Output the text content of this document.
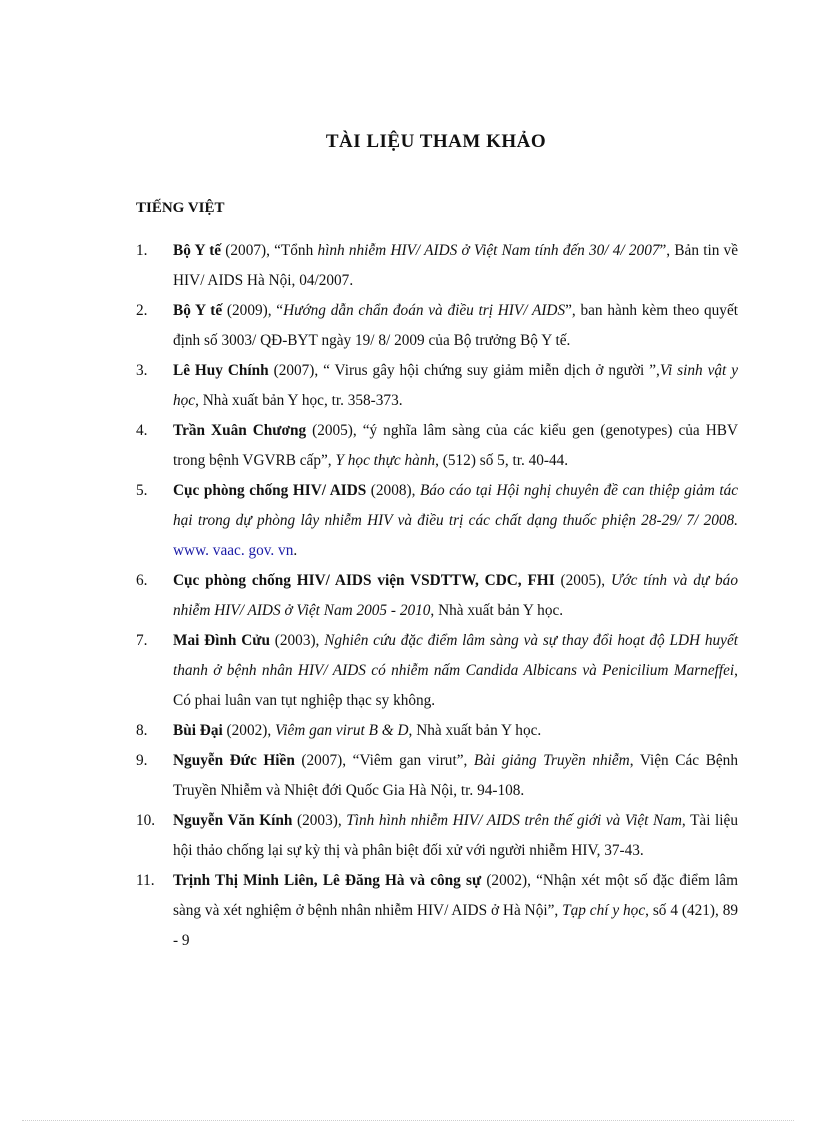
TÀI LIỆU THAM KHẢO
TIẾNG VIỆT
1. Bộ Y tế (2007), “Tổnh hình nhiễm HIV/ AIDS ở Việt Nam tính đến 30/ 4/ 2007”, Bản tin về HIV/ AIDS Hà Nội, 04/2007.
2. Bộ Y tế (2009), “Hướng dẫn chẩn đoán và điều trị HIV/ AIDS”, ban hành kèm theo quyết định số 3003/ QĐ-BYT ngày 19/ 8/ 2009 của Bộ trưởng Bộ Y tế.
3. Lê Huy Chính (2007), “ Virus gây hội chứng suy giảm miễn dịch ở người ”,Vi sinh vật y học, Nhà xuất bản Y học, tr. 358-373.
4. Trần Xuân Chương (2005), “ý nghĩa lâm sàng của các kiểu gen (genotypes) của HBV trong bệnh VGVRB cấp”, Y học thực hành, (512) số 5, tr. 40-44.
5. Cục phòng chống HIV/ AIDS (2008), Báo cáo tại Hội nghị chuyên đề can thiệp giảm tác hại trong dự phòng lây nhiễm HIV và điều trị các chất dạng thuốc phiện 28-29/ 7/ 2008. www. vaac. gov. vn.
6. Cục phòng chống HIV/ AIDS viện VSDTTW, CDC, FHI (2005), Ước tính và dự báo nhiễm HIV/ AIDS ở Việt Nam 2005 - 2010, Nhà xuất bản Y học.
7. Mai Đình Cửu (2003), Nghiên cứu đặc điểm lâm sàng và sự thay đổi hoạt độ LDH huyết thanh ở bệnh nhân HIV/ AIDS có nhiễm nấm Candida Albicans và Penicilium Marneffei, Có phai luân van tụt nghiệp thạc sy không.
8. Bùi Đại (2002), Viêm gan virut B & D, Nhà xuất bản Y học.
9. Nguyễn Đức Hiền (2007), “Viêm gan virut”, Bài giảng Truyền nhiễm, Viện Các Bệnh Truyền Nhiễm và Nhiệt đới Quốc Gia Hà Nội, tr. 94-108.
10. Nguyễn Văn Kính (2003), Tình hình nhiễm HIV/ AIDS trên thế giới và Việt Nam, Tài liệu hội thảo chống lại sự kỳ thị và phân biệt đối xử với người nhiễm HIV, 37-43.
11. Trịnh Thị Minh Liên, Lê Đăng Hà và công sự (2002), “Nhận xét một số đặc điểm lâm sàng và xét nghiệm ở bệnh nhân nhiễm HIV/ AIDS ở Hà Nội”, Tạp chí y học, số 4 (421), 89 - 9
